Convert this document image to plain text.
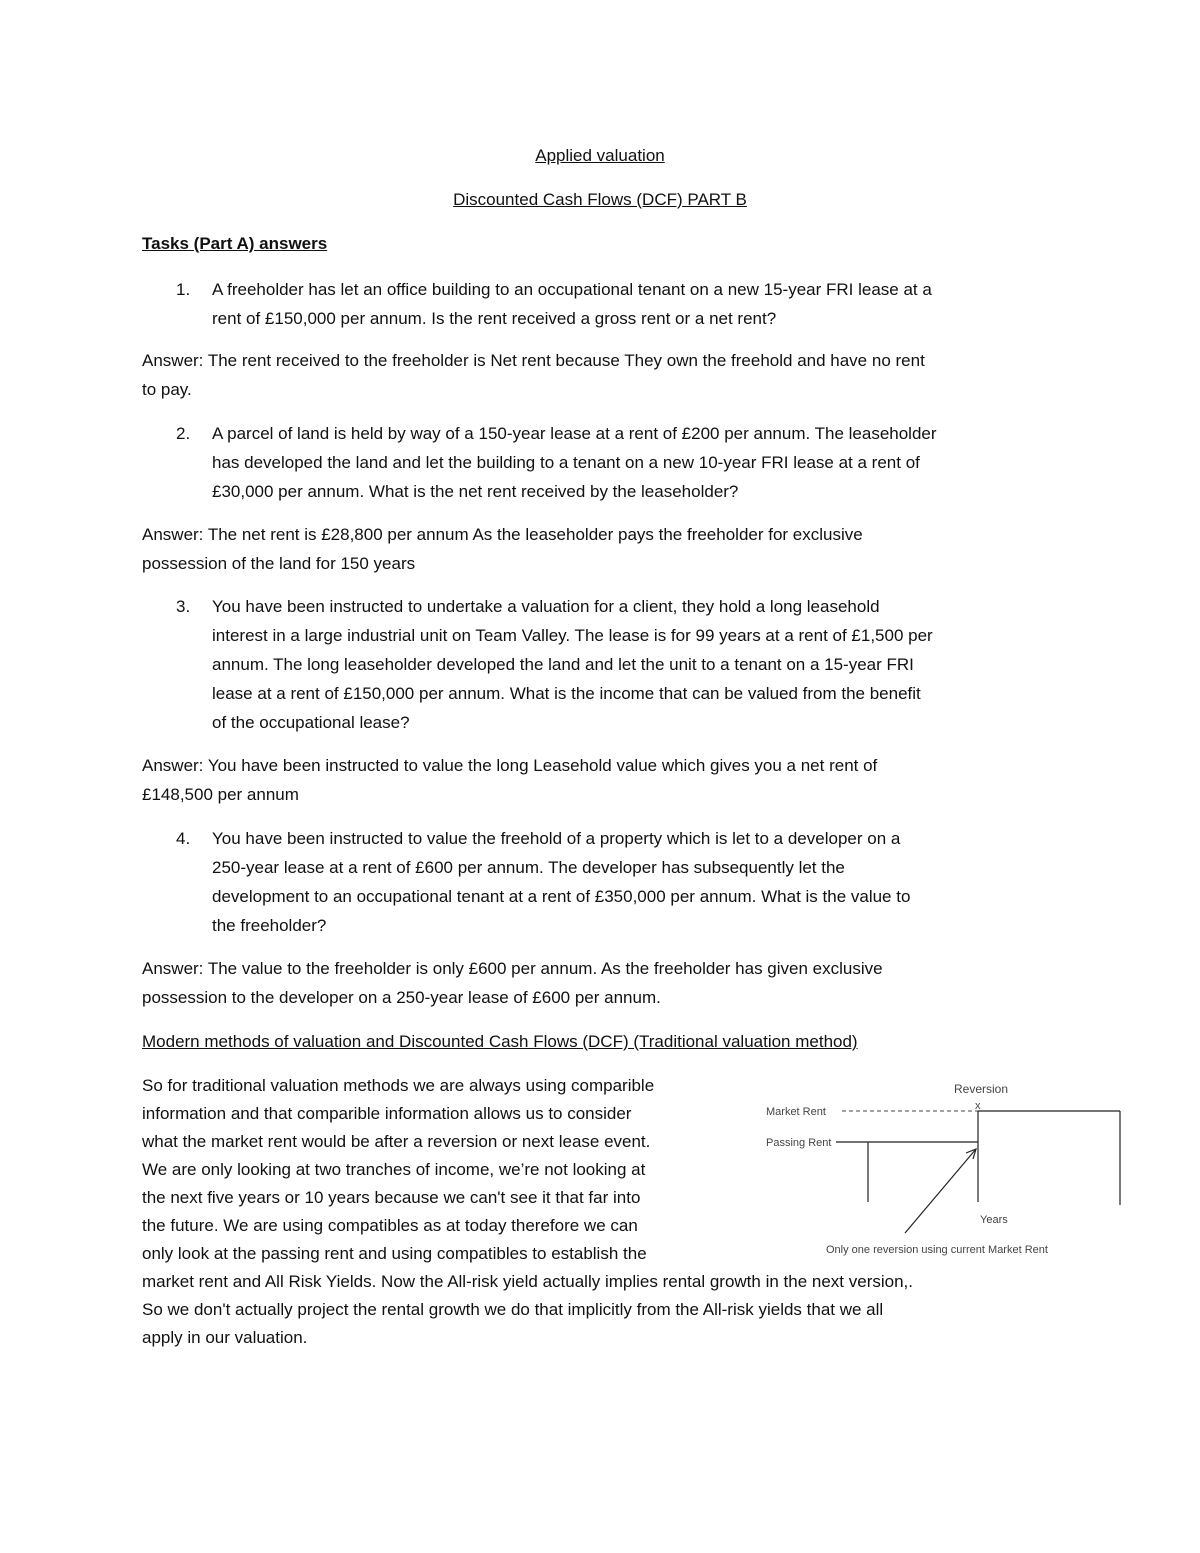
Applied valuation
Discounted Cash Flows (DCF) PART B
Tasks (Part A) answers
1. A freeholder has let an office building to an occupational tenant on a new 15-year FRI lease at a
rent of £150,000 per annum. Is the rent received a gross rent or a net rent?
Answer: The rent received to the freeholder is Net rent because They own the freehold and have no rent
to pay.
2. A parcel of land is held by way of a 150-year lease at a rent of £200 per annum. The leaseholder
has developed the land and let the building to a tenant on a new 10-year FRI lease at a rent of
£30,000 per annum. What is the net rent received by the leaseholder?
Answer: The net rent is £28,800 per annum As the leaseholder pays the freeholder for exclusive
possession of the land for 150 years
3. You have been instructed to undertake a valuation for a client, they hold a long leasehold
interest in a large industrial unit on Team Valley. The lease is for 99 years at a rent of £1,500 per
annum. The long leaseholder developed the land and let the unit to a tenant on a 15-year FRI
lease at a rent of £150,000 per annum. What is the income that can be valued from the benefit
of the occupational lease?
Answer: You have been instructed to value the long Leasehold value which gives you a net rent of
£148,500 per annum
4. You have been instructed to value the freehold of a property which is let to a developer on a
250-year lease at a rent of £600 per annum. The developer has subsequently let the
development to an occupational tenant at a rent of £350,000 per annum. What is the value to
the freeholder?
Answer: The value to the freeholder is only £600 per annum. As the freeholder has given exclusive
possession to the developer on a 250-year lease of £600 per annum.
Modern methods of valuation and Discounted Cash Flows (DCF) (Traditional valuation method)
So for traditional valuation methods we are always using comparible
information and that comparible information allows us to consider
what the market rent would be after a reversion or next lease event.
We are only looking at two tranches of income, we’re not looking at
the next five years or 10 years because we can't see it that far into
the future. We are using compatibles as at today therefore we can
only look at the passing rent and using compatibles to establish the
market rent and All Risk Yields. Now the All-risk yield actually implies rental growth in the next version,.
So we don't actually project the rental growth we do that implicitly from the All-risk yields that we all
apply in our valuation.
Reversion
x
Market Rent
Passing Rent
Years
Only one reversion using current Market Rent
